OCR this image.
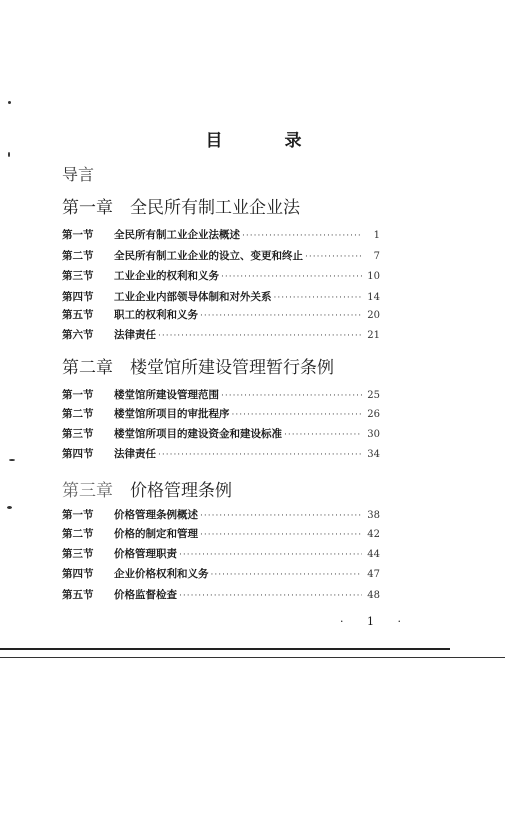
目 录
导言
第一章 全民所有制工业企业法
第一节	全民所有制工业企业法概述 ·····	1
第二节	全民所有制工业企业的设立、变更和终止 ·····	7
第三节	工业企业的权利和义务 ·····	10
第四节	工业企业内部领导体制和对外关系 ·····	14
第五节	职工的权利和义务 ·····	20
第六节	法律责任 ·····	21
第二章 楼堂馆所建设管理暂行条例
第一节	楼堂馆所建设管理范围 ·····	25
第二节	楼堂馆所项目的审批程序 ·····	26
第三节	楼堂馆所项目的建设资金和建设标准 ·····	30
第四节	法律责任 ·····	34
第三章 价格管理条例
第一节	价格管理条例概述 ·····	38
第二节	价格的制定和管理 ·····	42
第三节	价格管理职责 ·····	44
第四节	企业价格权利和义务 ·····	47
第五节	价格监督检查 ·····	48
· 1 ·
